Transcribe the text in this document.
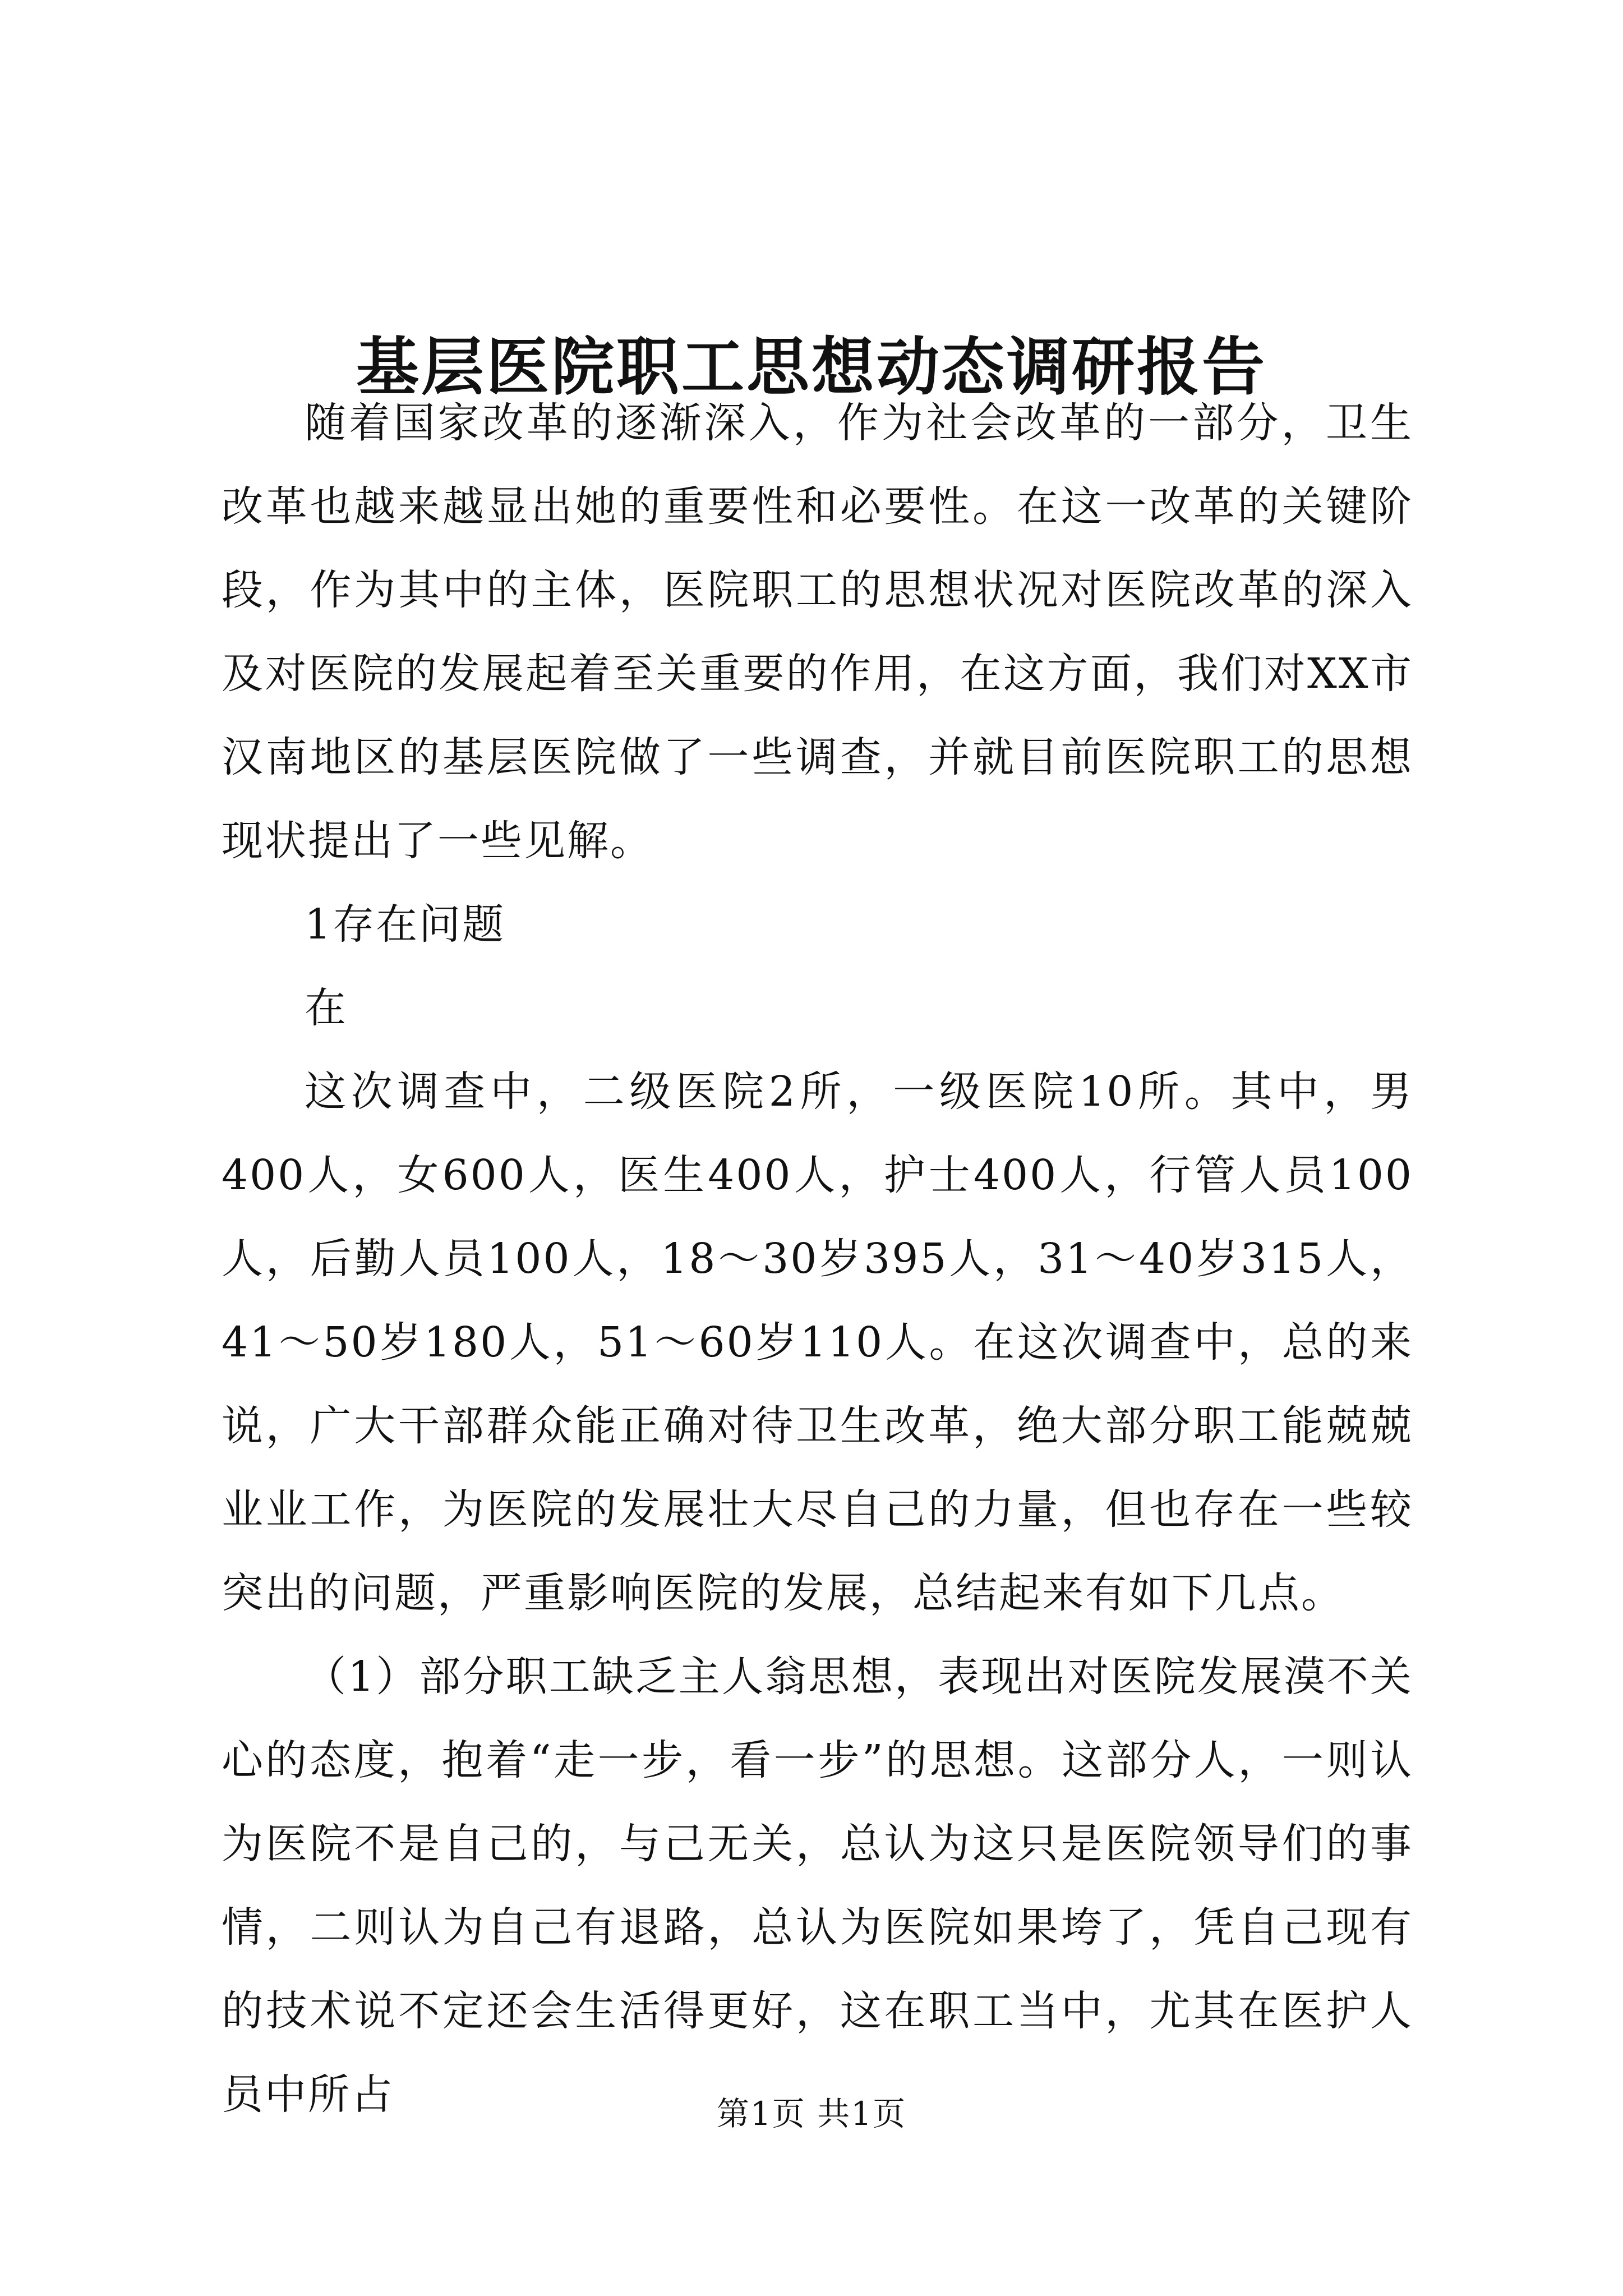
基层医院职工思想动态调研报告

随着国家改革的逐渐深入，作为社会改革的一部分，卫生改革也越来越显出她的重要性和必要性。在这一改革的关键阶段，作为其中的主体，医院职工的思想状况对医院改革的深入及对医院的发展起着至关重要的作用，在这方面，我们对XX市汉南地区的基层医院做了一些调查，并就目前医院职工的思想现状提出了一些见解。

1存在问题

在

这次调查中，二级医院2所，一级医院10所。其中，男400人，女600人，医生400人，护士400人，行管人员100人，后勤人员100人，18～30岁395人，31～40岁315人，41～50岁180人，51～60岁110人。在这次调查中，总的来说，广大干部群众能正确对待卫生改革，绝大部分职工能兢兢业业工作，为医院的发展壮大尽自己的力量，但也存在一些较突出的问题，严重影响医院的发展，总结起来有如下几点。

（1）部分职工缺乏主人翁思想，表现出对医院发展漠不关心的态度，抱着“走一步，看一步”的思想。这部分人，一则认为医院不是自己的，与己无关，总认为这只是医院领导们的事情，二则认为自己有退路，总认为医院如果垮了，凭自己现有的技术说不定还会生活得更好，这在职工当中，尤其在医护人员中所占	第1页 共1页
